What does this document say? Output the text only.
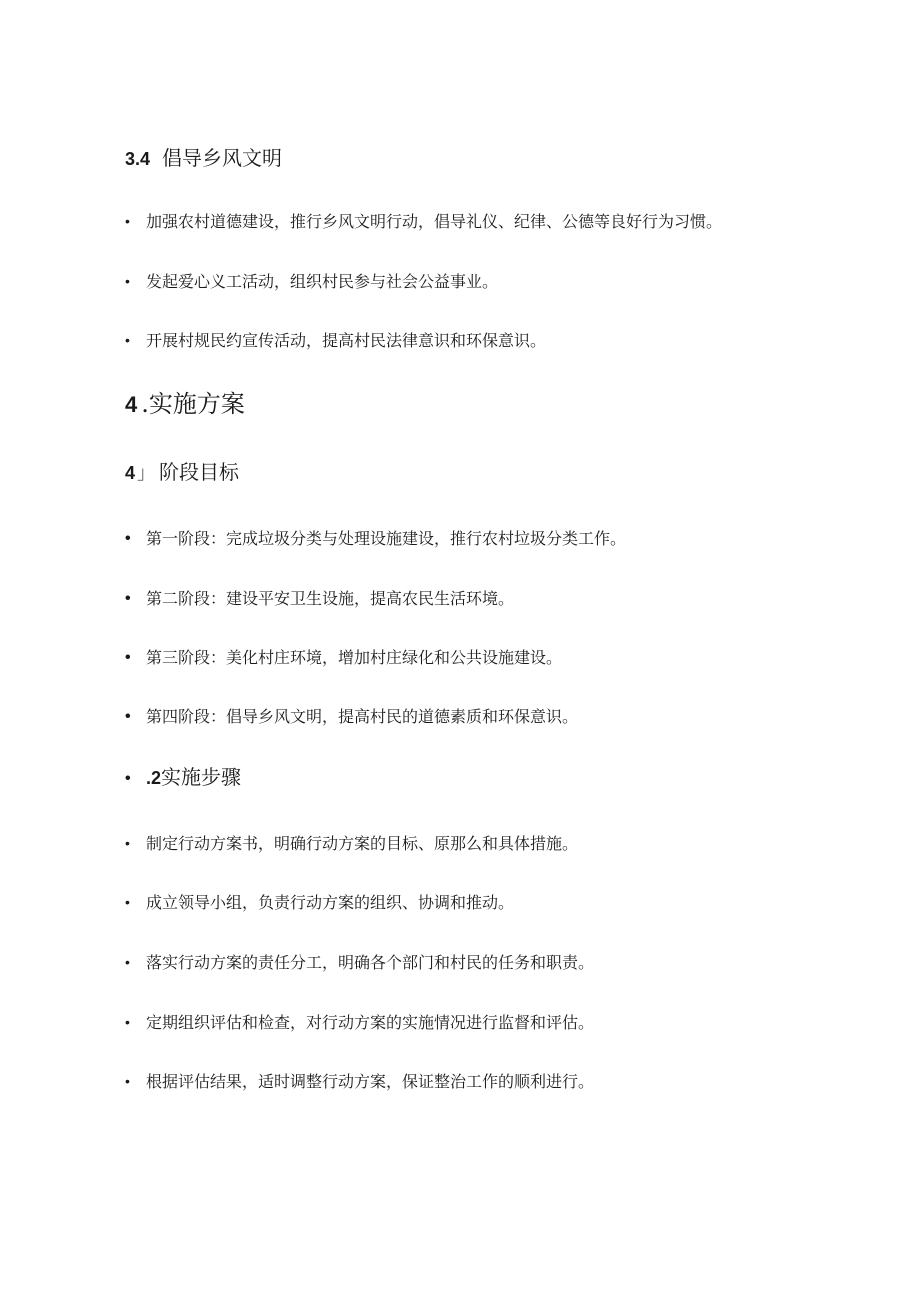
3.4 倡导乡风文明
• 加强农村道德建设，推行乡风文明行动，倡导礼仪、纪律、公德等良好行为习惯。
• 发起爱心义工活动，组织村民参与社会公益事业。
• 开展村规民约宣传活动，提高村民法律意识和环保意识。
4 .实施方案
4 」 阶段目标
• 第一阶段：完成垃圾分类与处理设施建设，推行农村垃圾分类工作。
• 第二阶段：建设平安卫生设施，提高农民生活环境。
• 第三阶段：美化村庄环境，增加村庄绿化和公共设施建设。
• 第四阶段：倡导乡风文明，提高村民的道德素质和环保意识。
• .2实施步骤
• 制定行动方案书，明确行动方案的目标、原那么和具体措施。
• 成立领导小组，负责行动方案的组织、协调和推动。
• 落实行动方案的责任分工，明确各个部门和村民的任务和职责。
• 定期组织评估和检查，对行动方案的实施情况进行监督和评估。
• 根据评估结果，适时调整行动方案，保证整治工作的顺利进行。
